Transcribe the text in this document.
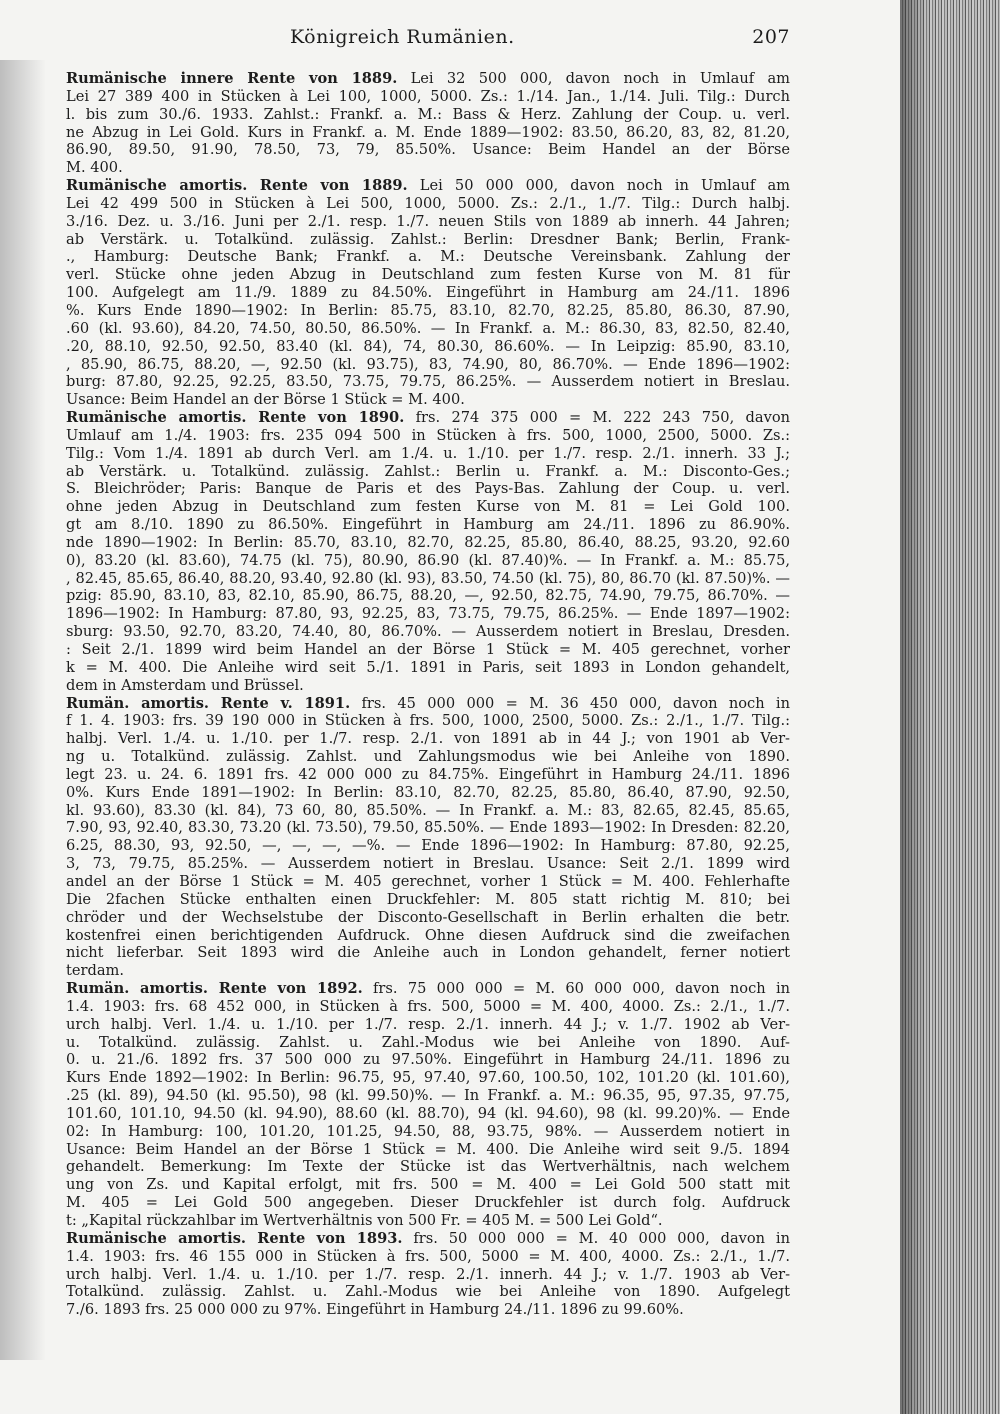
Königreich Rumänien.	207
Rumänische innere Rente von 1889. Lei 32 500 000, davon noch in Umlauf am
Lei 27 389 400 in Stücken à Lei 100, 1000, 5000. Zs.: 1./14. Jan., 1./14. Juli. Tilg.: Durch
l. bis zum 30./6. 1933. Zahlst.: Frankf. a. M.: Bass & Herz. Zahlung der Coup. u. verl.
ne Abzug in Lei Gold. Kurs in Frankf. a. M. Ende 1889—1902: 83.50, 86.20, 83, 82, 81.20,
86.90, 89.50, 91.90, 78.50, 73, 79, 85.50%. Usance: Beim Handel an der Börse
M. 400.
Rumänische amortis. Rente von 1889. Lei 50 000 000, davon noch in Umlauf am
Lei 42 499 500 in Stücken à Lei 500, 1000, 5000. Zs.: 2./1., 1./7. Tilg.: Durch halbj.
3./16. Dez. u. 3./16. Juni per 2./1. resp. 1./7. neuen Stils von 1889 ab innerh. 44 Jahren;
ab Verstärk. u. Totalkünd. zulässig. Zahlst.: Berlin: Dresdner Bank; Berlin, Frank-
., Hamburg: Deutsche Bank; Frankf. a. M.: Deutsche Vereinsbank. Zahlung der
verl. Stücke ohne jeden Abzug in Deutschland zum festen Kurse von M. 81 für
100. Aufgelegt am 11./9. 1889 zu 84.50%. Eingeführt in Hamburg am 24./11. 1896
%. Kurs Ende 1890—1902: In Berlin: 85.75, 83.10, 82.70, 82.25, 85.80, 86.30, 87.90,
.60 (kl. 93.60), 84.20, 74.50, 80.50, 86.50%. — In Frankf. a. M.: 86.30, 83, 82.50, 82.40,
.20, 88.10, 92.50, 92.50, 83.40 (kl. 84), 74, 80.30, 86.60%. — In Leipzig: 85.90, 83.10,
, 85.90, 86.75, 88.20, —, 92.50 (kl. 93.75), 83, 74.90, 80, 86.70%. — Ende 1896—1902:
burg: 87.80, 92.25, 92.25, 83.50, 73.75, 79.75, 86.25%. — Ausserdem notiert in Breslau.
Usance: Beim Handel an der Börse 1 Stück = M. 400.
Rumänische amortis. Rente von 1890. frs. 274 375 000 = M. 222 243 750, davon
Umlauf am 1./4. 1903: frs. 235 094 500 in Stücken à frs. 500, 1000, 2500, 5000. Zs.:
Tilg.: Vom 1./4. 1891 ab durch Verl. am 1./4. u. 1./10. per 1./7. resp. 2./1. innerh. 33 J.;
ab Verstärk. u. Totalkünd. zulässig. Zahlst.: Berlin u. Frankf. a. M.: Disconto-Ges.;
S. Bleichröder; Paris: Banque de Paris et des Pays-Bas. Zahlung der Coup. u. verl.
ohne jeden Abzug in Deutschland zum festen Kurse von M. 81 = Lei Gold 100.
gt am 8./10. 1890 zu 86.50%. Eingeführt in Hamburg am 24./11. 1896 zu 86.90%.
nde 1890—1902: In Berlin: 85.70, 83.10, 82.70, 82.25, 85.80, 86.40, 88.25, 93.20, 92.60
0), 83.20 (kl. 83.60), 74.75 (kl. 75), 80.90, 86.90 (kl. 87.40)%. — In Frankf. a. M.: 85.75,
, 82.45, 85.65, 86.40, 88.20, 93.40, 92.80 (kl. 93), 83.50, 74.50 (kl. 75), 80, 86.70 (kl. 87.50)%. —
pzig: 85.90, 83.10, 83, 82.10, 85.90, 86.75, 88.20, —, 92.50, 82.75, 74.90, 79.75, 86.70%. —
1896—1902: In Hamburg: 87.80, 93, 92.25, 83, 73.75, 79.75, 86.25%. — Ende 1897—1902:
sburg: 93.50, 92.70, 83.20, 74.40, 80, 86.70%. — Ausserdem notiert in Breslau, Dresden.
: Seit 2./1. 1899 wird beim Handel an der Börse 1 Stück = M. 405 gerechnet, vorher
k = M. 400. Die Anleihe wird seit 5./1. 1891 in Paris, seit 1893 in London gehandelt,
dem in Amsterdam und Brüssel.
Rumän. amortis. Rente v. 1891. frs. 45 000 000 = M. 36 450 000, davon noch in
f 1. 4. 1903: frs. 39 190 000 in Stücken à frs. 500, 1000, 2500, 5000. Zs.: 2./1., 1./7. Tilg.:
halbj. Verl. 1./4. u. 1./10. per 1./7. resp. 2./1. von 1891 ab in 44 J.; von 1901 ab Ver-
ng u. Totalkünd. zulässig. Zahlst. und Zahlungsmodus wie bei Anleihe von 1890.
legt 23. u. 24. 6. 1891 frs. 42 000 000 zu 84.75%. Eingeführt in Hamburg 24./11. 1896
0%. Kurs Ende 1891—1902: In Berlin: 83.10, 82.70, 82.25, 85.80, 86.40, 87.90, 92.50,
kl. 93.60), 83.30 (kl. 84), 73 60, 80, 85.50%. — In Frankf. a. M.: 83, 82.65, 82.45, 85.65,
7.90, 93, 92.40, 83.30, 73.20 (kl. 73.50), 79.50, 85.50%. — Ende 1893—1902: In Dresden: 82.20,
6.25, 88.30, 93, 92.50, —, —, —, —%. — Ende 1896—1902: In Hamburg: 87.80, 92.25,
3, 73, 79.75, 85.25%. — Ausserdem notiert in Breslau. Usance: Seit 2./1. 1899 wird
andel an der Börse 1 Stück = M. 405 gerechnet, vorher 1 Stück = M. 400. Fehlerhafte
Die 2fachen Stücke enthalten einen Druckfehler: M. 805 statt richtig M. 810; bei
chröder und der Wechselstube der Disconto-Gesellschaft in Berlin erhalten die betr.
kostenfrei einen berichtigenden Aufdruck. Ohne diesen Aufdruck sind die zweifachen
nicht lieferbar. Seit 1893 wird die Anleihe auch in London gehandelt, ferner notiert
terdam.
Rumän. amortis. Rente von 1892. frs. 75 000 000 = M. 60 000 000, davon noch in
1.4. 1903: frs. 68 452 000, in Stücken à frs. 500, 5000 = M. 400, 4000. Zs.: 2./1., 1./7.
urch halbj. Verl. 1./4. u. 1./10. per 1./7. resp. 2./1. innerh. 44 J.; v. 1./7. 1902 ab Ver-
u. Totalkünd. zulässig. Zahlst. u. Zahl.-Modus wie bei Anleihe von 1890. Auf-
0. u. 21./6. 1892 frs. 37 500 000 zu 97.50%. Eingeführt in Hamburg 24./11. 1896 zu
Kurs Ende 1892—1902: In Berlin: 96.75, 95, 97.40, 97.60, 100.50, 102, 101.20 (kl. 101.60),
.25 (kl. 89), 94.50 (kl. 95.50), 98 (kl. 99.50)%. — In Frankf. a. M.: 96.35, 95, 97.35, 97.75,
101.60, 101.10, 94.50 (kl. 94.90), 88.60 (kl. 88.70), 94 (kl. 94.60), 98 (kl. 99.20)%. — Ende
02: In Hamburg: 100, 101.20, 101.25, 94.50, 88, 93.75, 98%. — Ausserdem notiert in
Usance: Beim Handel an der Börse 1 Stück = M. 400. Die Anleihe wird seit 9./5. 1894
gehandelt. Bemerkung: Im Texte der Stücke ist das Wertverhältnis, nach welchem
ung von Zs. und Kapital erfolgt, mit frs. 500 = M. 400 = Lei Gold 500 statt mit
M. 405 = Lei Gold 500 angegeben. Dieser Druckfehler ist durch folg. Aufdruck
t: „Kapital rückzahlbar im Wertverhältnis von 500 Fr. = 405 M. = 500 Lei Gold“.
Rumänische amortis. Rente von 1893. frs. 50 000 000 = M. 40 000 000, davon in
1.4. 1903: frs. 46 155 000 in Stücken à frs. 500, 5000 = M. 400, 4000. Zs.: 2./1., 1./7.
urch halbj. Verl. 1./4. u. 1./10. per 1./7. resp. 2./1. innerh. 44 J.; v. 1./7. 1903 ab Ver-
Totalkünd. zulässig. Zahlst. u. Zahl.-Modus wie bei Anleihe von 1890. Aufgelegt
7./6. 1893 frs. 25 000 000 zu 97%. Eingeführt in Hamburg 24./11. 1896 zu 99.60%.
